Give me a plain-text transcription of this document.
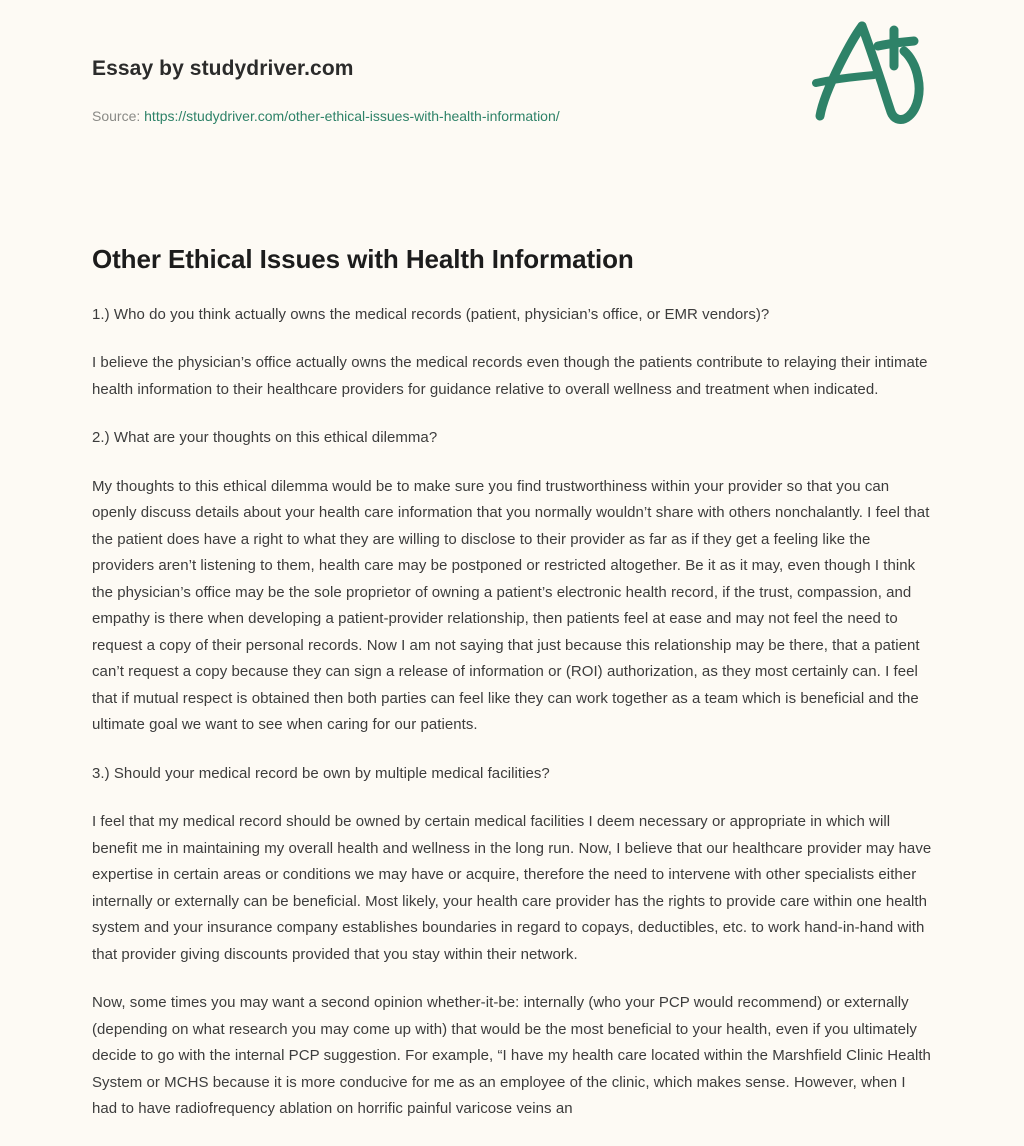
Essay by studydriver.com
Source: https://studydriver.com/other-ethical-issues-with-health-information/
Other Ethical Issues with Health Information

1.) Who do you think actually owns the medical records (patient, physician’s office, or EMR vendors)?

I believe the physician’s office actually owns the medical records even though the patients contribute to relaying their intimate health information to their healthcare providers for guidance relative to overall wellness and treatment when indicated.

2.) What are your thoughts on this ethical dilemma?

My thoughts to this ethical dilemma would be to make sure you find trustworthiness within your provider so that you can openly discuss details about your health care information that you normally wouldn’t share with others nonchalantly. I feel that the patient does have a right to what they are willing to disclose to their provider as far as if they get a feeling like the providers aren’t listening to them, health care may be postponed or restricted altogether. Be it as it may, even though I think the physician’s office may be the sole proprietor of owning a patient’s electronic health record, if the trust, compassion, and empathy is there when developing a patient-provider relationship, then patients feel at ease and may not feel the need to request a copy of their personal records. Now I am not saying that just because this relationship may be there, that a patient can’t request a copy because they can sign a release of information or (ROI) authorization, as they most certainly can. I feel that if mutual respect is obtained then both parties can feel like they can work together as a team which is beneficial and the ultimate goal we want to see when caring for our patients.

3.) Should your medical record be own by multiple medical facilities?

I feel that my medical record should be owned by certain medical facilities I deem necessary or appropriate in which will benefit me in maintaining my overall health and wellness in the long run. Now, I believe that our healthcare provider may have expertise in certain areas or conditions we may have or acquire, therefore the need to intervene with other specialists either internally or externally can be beneficial. Most likely, your health care provider has the rights to provide care within one health system and your insurance company establishes boundaries in regard to copays, deductibles, etc. to work hand-in-hand with that provider giving discounts provided that you stay within their network.

Now, some times you may want a second opinion whether-it-be: internally (who your PCP would recommend) or externally (depending on what research you may come up with) that would be the most beneficial to your health, even if you ultimately decide to go with the internal PCP suggestion. For example, “I have my health care located within the Marshfield Clinic Health System or MCHS because it is more conducive for me as an employee of the clinic, which makes sense. However, when I had to have radiofrequency ablation on horrific painful varicose veins an
